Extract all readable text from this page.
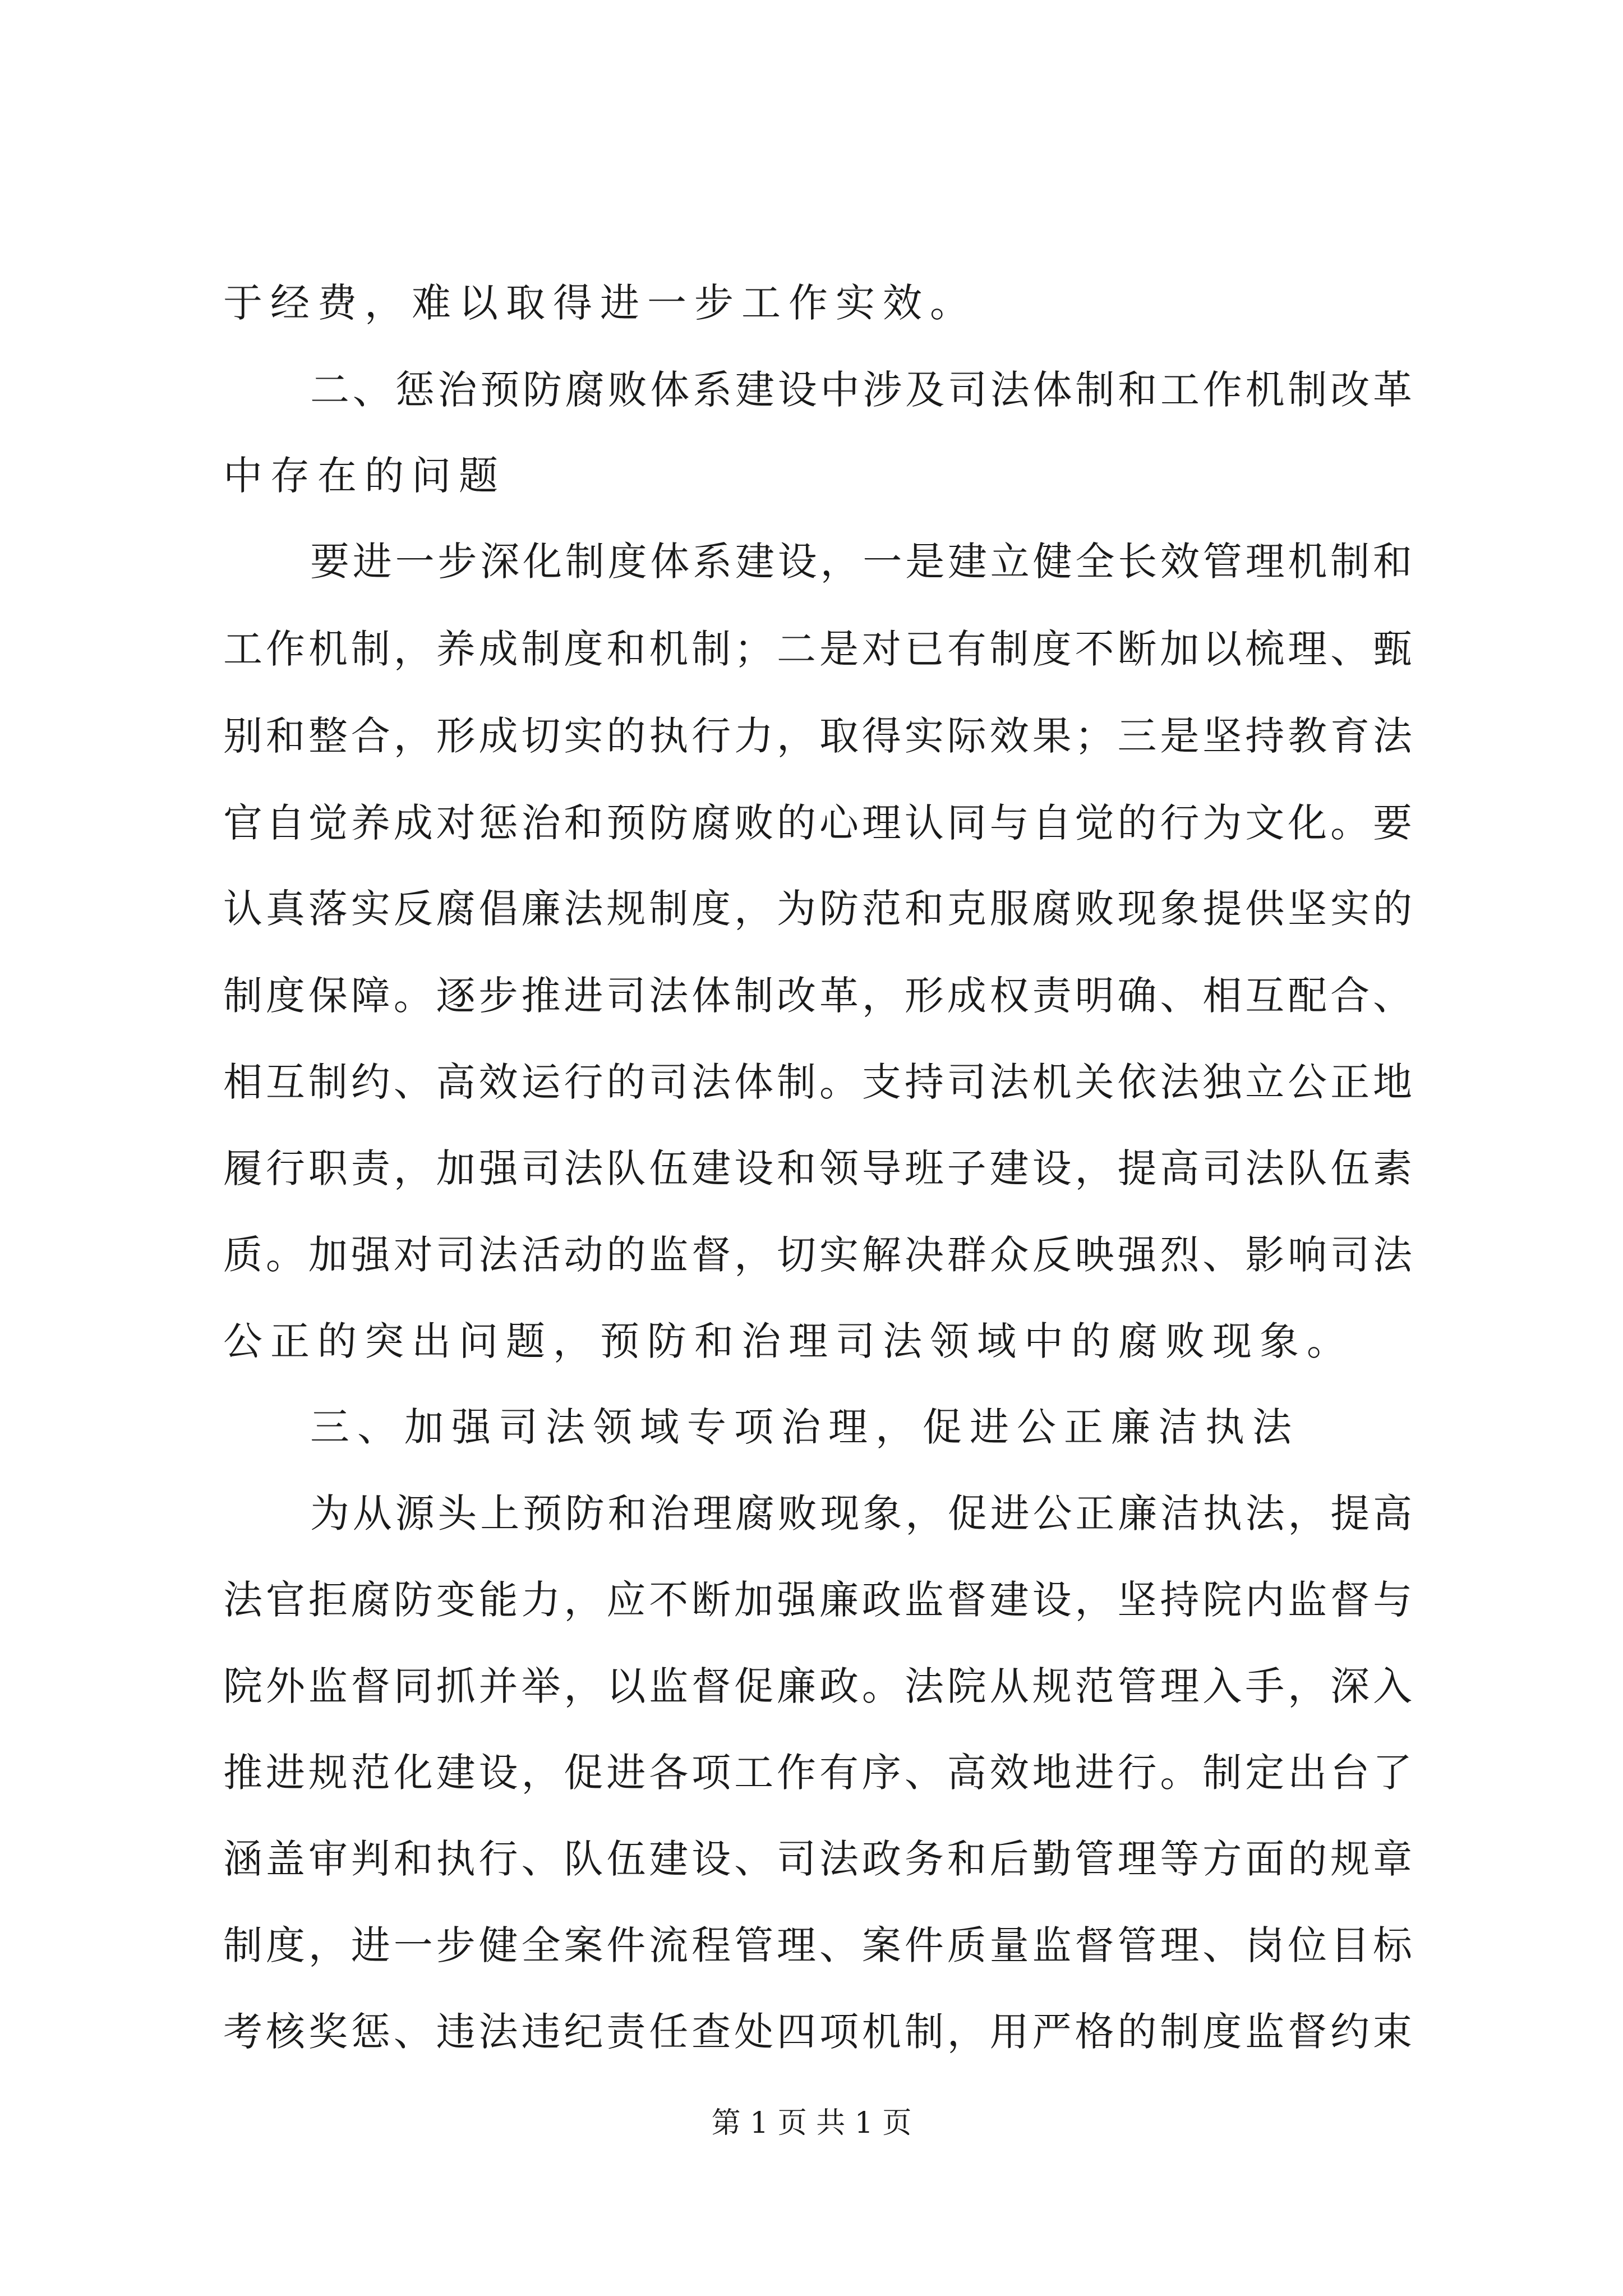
于经费，难以取得进一步工作实效。
二、惩治预防腐败体系建设中涉及司法体制和工作机制改革
中存在的问题
要进一步深化制度体系建设，一是建立健全长效管理机制和
工作机制，养成制度和机制；二是对已有制度不断加以梳理、甄
别和整合，形成切实的执行力，取得实际效果；三是坚持教育法
官自觉养成对惩治和预防腐败的心理认同与自觉的行为文化。要
认真落实反腐倡廉法规制度，为防范和克服腐败现象提供坚实的
制度保障。逐步推进司法体制改革，形成权责明确、相互配合、
相互制约、高效运行的司法体制。支持司法机关依法独立公正地
履行职责，加强司法队伍建设和领导班子建设，提高司法队伍素
质。加强对司法活动的监督，切实解决群众反映强烈、影响司法
公正的突出问题，预防和治理司法领域中的腐败现象。
三、加强司法领域专项治理，促进公正廉洁执法
为从源头上预防和治理腐败现象，促进公正廉洁执法，提高
法官拒腐防变能力，应不断加强廉政监督建设，坚持院内监督与
院外监督同抓并举，以监督促廉政。法院从规范管理入手，深入
推进规范化建设，促进各项工作有序、高效地进行。制定出台了
涵盖审判和执行、队伍建设、司法政务和后勤管理等方面的规章
制度，进一步健全案件流程管理、案件质量监督管理、岗位目标
考核奖惩、违法违纪责任查处四项机制，用严格的制度监督约束
第 1 页 共 1 页
